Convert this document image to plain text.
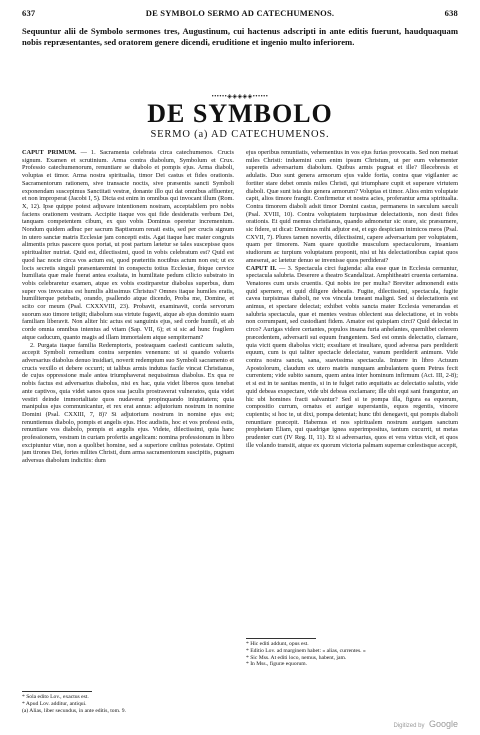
637	DE SYMBOLO SERMO AD CATECHUMENOS.	638
Sequuntur alii de Symbolo sermones tres, Augustinum, cui hactenus adscripti in ante editis fuerunt, haudquaquam nobis repræsentantes, sed oratorem genere dicendi, eruditione et ingenio multo inferiorem.
••••••◈◈◈◈◈••••••
DE SYMBOLO
SERMO (a) AD CATECHUMENOS.

CAPUT PRIMUM. — 1. Sacramenta celebrata circa catechumenos. Crucis signum. Examen et scrutinium. Arma contra diabolum, Symbolum et Crux. Professio catechumenorum, renuntiare se diabolo et pompis ejus. Arma diaboli, voluptas et timor. Arma nostra spiritualia, timor Dei castus et fides orationis. Sacramentorum rationem, sive transacte noctis, sive præsentis sancti Symboli exponendam suscepimus Sanctitati vestræ, donante illo qui dat omnibus affluenter, et non improperat (Jacobi I, 5). Dicta est enim in omnibus qui invocant illum (Rom. X, 12). Ipse quippe potest adjuvare intentionem nostram, acceptabilem pro nobis faciens orationem vestram. Accipite itaque vos qui fide desideratis verbum Dei, tanquam competentem cibum, ex quo vobis Dominus operetur incrementum. Nondum quidem adhuc per sacrum Baptismum renati estis, sed per crucis signum in utero sanctæ matris Ecclesiæ jam concepti estis. Agat itaque hæc mater congruis alimentis prius pascere quos portat, ut post partum lætetur se tales suscepisse quos spiritualiter nutriat. Quid est, dilectissimi, quod in vobis celebratum est? Quid est quod hac nocte circa vos actum est, quod præteritis noctibus actum non est; ut ex locis secretis singuli præsentaremini in conspectu totius Ecclesiæ, ibique cervice humiliata quæ male fuerat antea exaltata, in humilitate pedum cilicio substrato in vobis celebraretur examen, atque ex vobis exstirparetur diabolus superbus, dum super vos invocatus est humilis altissimus Christus? Omnes itaque humiles eratis, humiliterque petebatis, orando, psallendo atque dicendo, Proba me, Domine, et scito cor meum (Psal. CXXXVIII, 23). Probavit, examinavit, corda servorum suorum suo timore tetigit; diabolum sua virtute fugavit, atque ab ejus dominio suam familiam liberavit. Non aliter hic actus est sanguinis ejus, sed corde humili, et ab corde omnia omnibus intentus ad vitam (Sap. VII, 6); et si sic ad hunc fragilem atque caducum, quanto magis ad illam immortalem atque sempiternam?

2. Purgata itaque familia Redemptoris, posteaquam caelesti canticum salutis, accepit Symboli remedium contra serpentes venenum: ut si quando volueris adversarius diabolus denuo insidiari, noverit redemptum suo Symboli sacramento et crucis vexillo ei debere occurri; ut talibus armis indutus facile vincat Christianus, de cujus oppressione male antea triumphaverat nequissimus diabolus. Ex qua re nobis factus est adversarius diabolus, nisi ex hac, quia videt liberos quos tenebat ante captivos, quia videt sanos quos sua jaculis prostraverat vulneratos, quia videt vestiri deinde immortalitate quos nudaverat propinquando iniquitatem; quia manipulus ejus communicantur, et rex erat annus: adjutorium nostrum in nomine Domini (Psal. CXXIII, 7, 8)? Si adjutorium nostrum in nomine ejus est; renuntiemus diabolo, pompis et angelis ejus. Hoc audistis, hoc et vos professi estis, renuntiare vos diabolo, pompis et angelis ejus. Videte, dilectissimi, quia hanc professionem, vestram in curiam profertis angelicam: nomina professionum in libro excipiuntur vitæ, non a quolibet homine, sed a superiore cœlitus potestate. Optimi jam tirones Dei, fortes milites Christi, dum arma sacramentorum suscipitis, pugnam adversus diabolum indicitis: dum

ejus operibus renuntiatis, vehementius in vos ejus furias provocatis. Sed non metuat miles Christi: induemini cum enim ipsum Christum, ut per eum vehementer superetis adversarium diabolum. Quibus armis pugnat et ille? Illecebresis et adulatis. Duo sunt genera armorum ejus valde fortia, contra quæ vigilanter ac fortiter stare debet omnis miles Christi, qui triumphare cupit et superare virtutem diaboli. Quæ sunt ista duo genera armorum? Voluptas et timor. Alios enim voluptate capit, alios timore frangit. Confirmetur et nostra acies, proferantur arma spiritualia. Contra timorem diaboli adsit timor Domini castus, permanens in sæculum sæculi (Psal. XVIII, 10). Contra voluptatem turpissimæ delectationis, non desit fides orationis. Et quid memus christianus, quando admonetur sic orare, sic præsumere, sic fidere, ut dicat: Dominus mihi adjutor est, et ego despiciam inimicos meos (Psal. CXVII, 7). Plures tamen novertis, dilectissimi, capere adversarium per voluptatem, quam per timorem. Nam quare quotidie musculum spectaculorum, insaniam studiorum ac turpium voluptatum proponit, nisi ut his delectationibus capiat quos ameserat, ac lætetur denuo se invenisse quos perdiderat?

CAPUT II. — 3. Spectacula circi fugienda: alia esse quæ in Ecclesia cernuntur, spectacula salubria. Deserere a theatro Scandalizat. Amphitheatri cruenta certamina. Venatores cum ursis cruentis. Qui nobis ire per multa? Breviter admonendi estis quid spernere, et quid diligere debeatis. Fugite, dilectissimi, spectacula, fugite cavea turpisimas diaboli, ne vos vincula teneant maligni. Sed si delectationis est animus, et spectare delectat; exhibet vobis sancta mater Ecclesia venerandas et salubria spectacula, quæ et mentes vestras oblectent sua delectatione, et in vobis non corrumpant, sed custodiant fidem. Amator est quispiam circi? Quid delectat in circo? Aurigas videre certantes, populos insana furia anhelantes, quemlibet celerem præcedentem, adversarii sui equum frangentem. Sed est omnis delectatio, clamare, quia vicit quem diabolus vicit; exsultare et insultare, quod adversa pars perdiderit equum, cum is qui taliter spectacle delectatur, vanum perdiderit animum. Vide contra nostra sancta, sana, suavissima spectacula. Intuere in libro Actuum Apostolorum, claudum ex utero matris nunquam ambulantem quem Petrus fecit currentem; vide subito sanum, quem antea inter hominum infirmum (Act. III, 2-8); et si est in te sanitas mentis, si in te fulget ratio æquitatis ac delectatio salutis, vide quid debeas exspectare, vide ubi debeas exclamare; ille ubi equi sani franguntur, an hic ubi homines fracti salvantur? Sed si te pompa illa, figura ea equorum, compositio currum, ornatus et aurigæ superstantis, equos regentis, vincere cupientis; si hoc te, ut dixi, pompa detentat; hunc tibi denegavit, qui pompis diaboli renuntiare præcepit. Habemus et nos spiritualem nostrum aurigam sanctum prophetam Eliam, qui quadrigæ ignea superimpositus, tantum cucurrit, ut metas prudenter curt (IV Reg. II, 11). Et si adversarius, quos et vera virtus vicit, et quos ille volando transiit, atque ex quorum victoria palmam supernæ cœlestisque accepit,

* Sola edito Lov., exactus est.
* Apud Lov. additur, antiqui.
(a) Alias, liber secundus, in ante editis, tom. 9.
* Hic editi addunt, opus est.
* Editio Lov. ad marginem habet: « alias, currentes. »
* Sic Mss. At editi loco, nemus, habent, jam.
* In Mss., figuræ equorum.
Digitized by Google
